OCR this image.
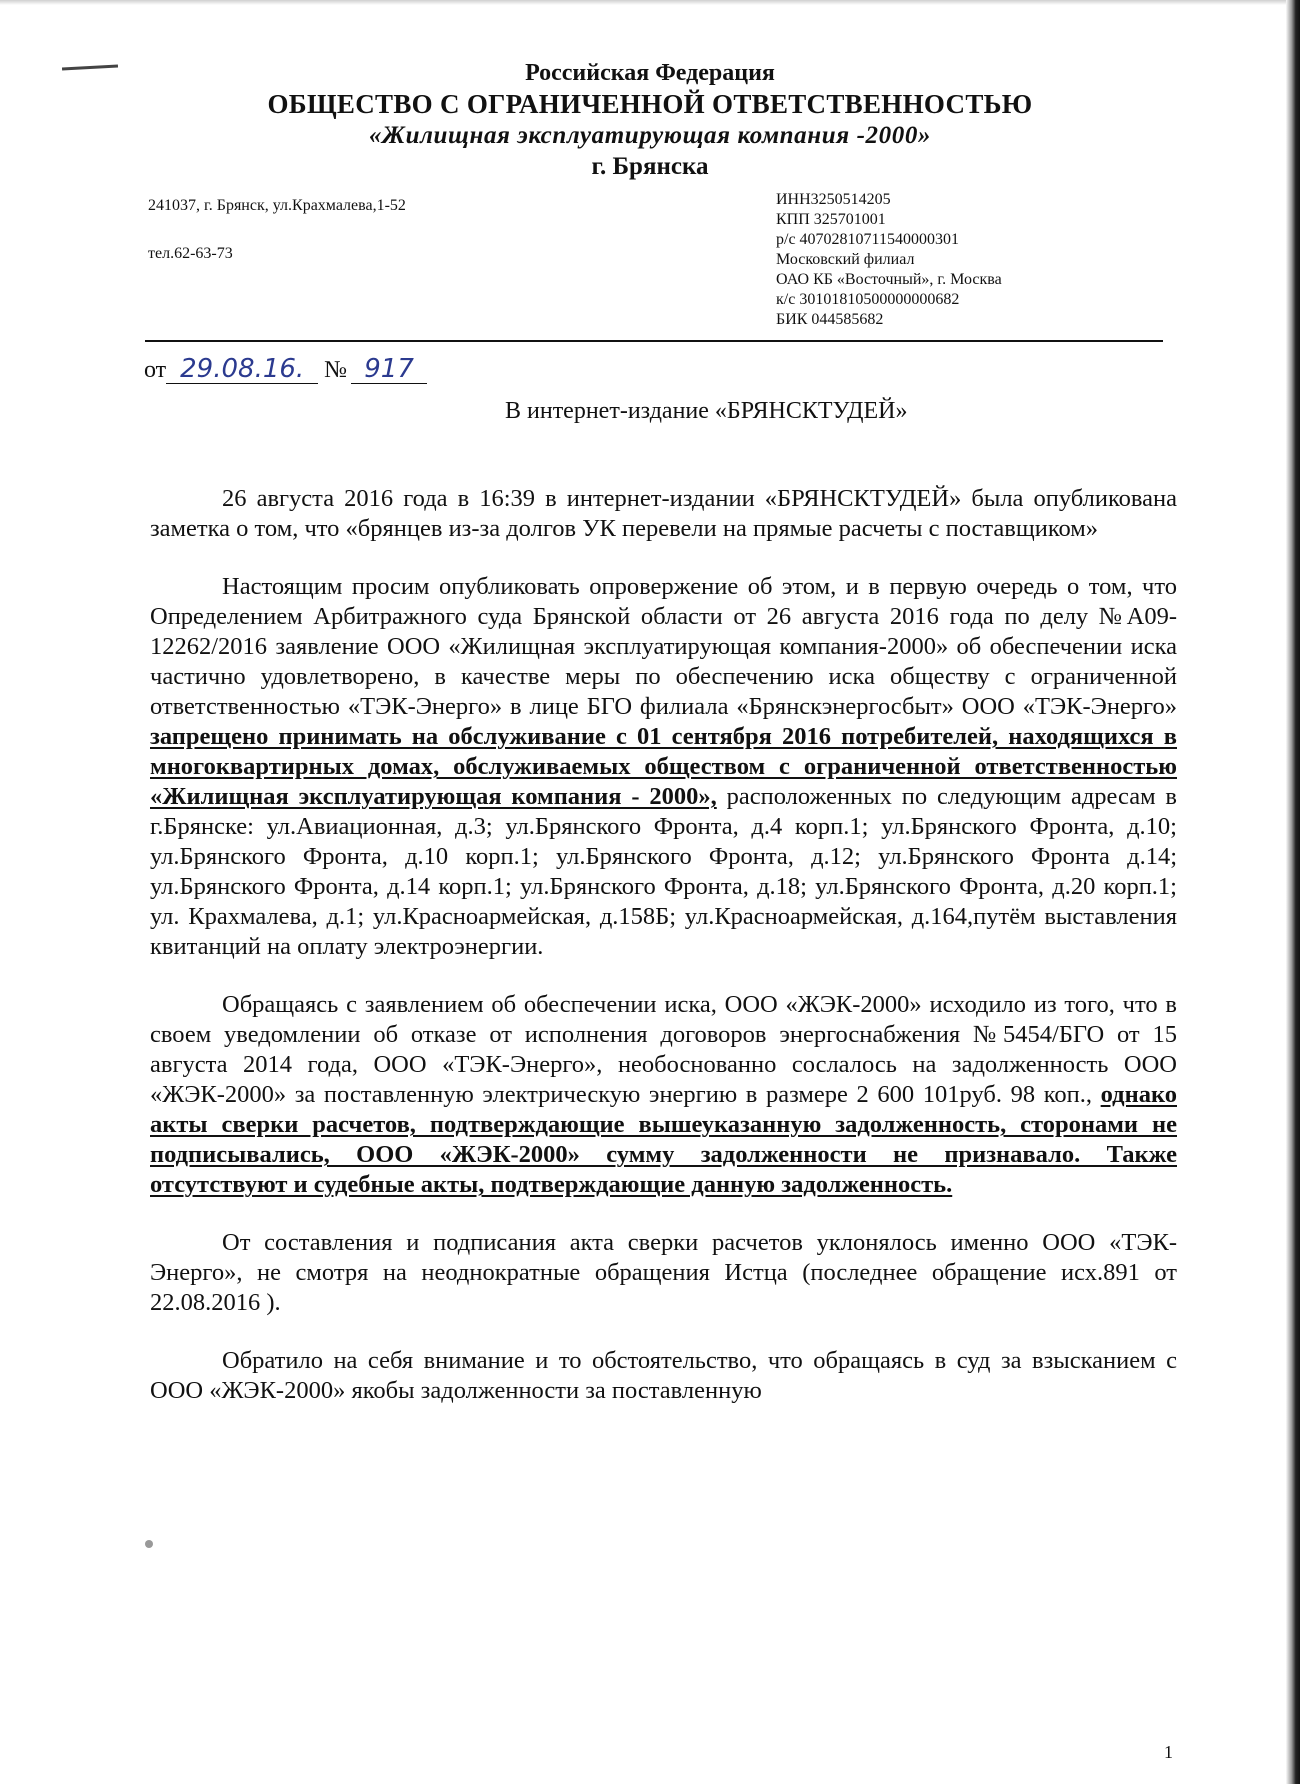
Российская Федерация
ОБЩЕСТВО С ОГРАНИЧЕННОЙ ОТВЕТСТВЕННОСТЬЮ
«Жилищная эксплуатирующая компания -2000»
г. Брянска
241037, г. Брянск, ул.Крахмалева,1-52
тел.62-63-73
ИНН3250514205
КПП 325701001
р/с 40702810711540000301
Московский филиал
ОАО КБ «Восточный», г. Москва
к/с 30101810500000000682
БИК 044585682
от 29.08.16. № 917
В интернет-издание «БРЯНСКТУДЕЙ»

26 августа 2016 года в 16:39 в интернет-издании «БРЯНСКТУДЕЙ» была опубликована заметка о том, что «брянцев из-за долгов УК перевели на прямые расчеты с поставщиком»

Настоящим просим опубликовать опровержение об этом, и в первую очередь о том, что Определением Арбитражного суда Брянской области от 26 августа 2016 года по делу №А09-12262/2016 заявление ООО «Жилищная эксплуатирующая компания-2000» об обеспечении иска частично удовлетворено, в качестве меры по обеспечению иска обществу с ограниченной ответственностью «ТЭК-Энерго» в лице БГО филиала «Брянскэнергосбыт» ООО «ТЭК-Энерго» запрещено принимать на обслуживание с 01 сентября 2016 потребителей, находящихся в многоквартирных домах, обслуживаемых обществом с ограниченной ответственностью «Жилищная эксплуатирующая компания - 2000», расположенных по следующим адресам в г.Брянске: ул.Авиационная, д.3; ул.Брянского Фронта, д.4 корп.1; ул.Брянского Фронта, д.10; ул.Брянского Фронта, д.10 корп.1; ул.Брянского Фронта, д.12; ул.Брянского Фронта д.14; ул.Брянского Фронта, д.14 корп.1; ул.Брянского Фронта, д.18; ул.Брянского Фронта, д.20 корп.1; ул. Крахмалева, д.1; ул.Красноармейская, д.158Б; ул.Красноармейская, д.164,путём выставления квитанций на оплату электроэнергии.

Обращаясь с заявлением об обеспечении иска, ООО «ЖЭК-2000» исходило из того, что в своем уведомлении об отказе от исполнения договоров энергоснабжения №5454/БГО от 15 августа 2014 года, ООО «ТЭК-Энерго», необоснованно сослалось на задолженность ООО «ЖЭК-2000» за поставленную электрическую энергию в размере 2 600 101руб. 98 коп., однако акты сверки расчетов, подтверждающие вышеуказанную задолженность, сторонами не подписывались, ООО «ЖЭК-2000» сумму задолженности не признавало. Также отсутствуют и судебные акты, подтверждающие данную задолженность.

От составления и подписания акта сверки расчетов уклонялось именно ООО «ТЭК-Энерго», не смотря на неоднократные обращения Истца (последнее обращение исх.891 от 22.08.2016 ).

Обратило на себя внимание и то обстоятельство, что обращаясь в суд за взысканием с ООО «ЖЭК-2000» якобы задолженности за поставленную

1
